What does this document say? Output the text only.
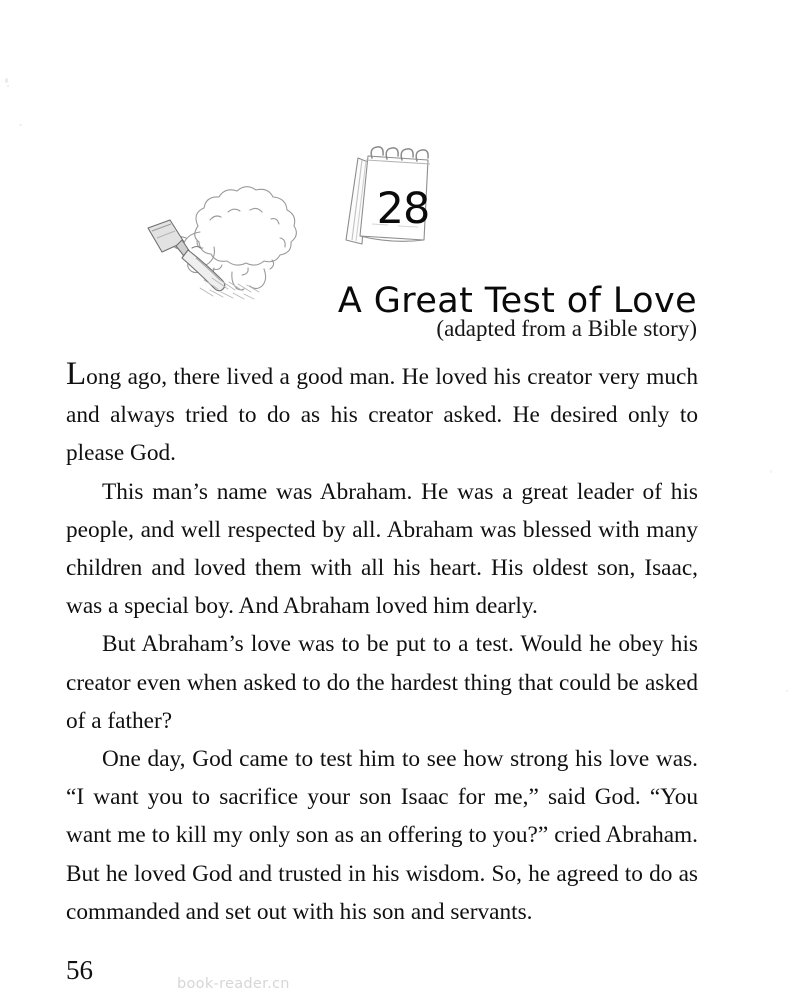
28
A Great Test of Love
(adapted from a Bible story)

Long ago, there lived a good man. He loved his creator very much and always tried to do as his creator asked. He desired only to please God.

This man’s name was Abraham. He was a great leader of his people, and well respected by all. Abraham was blessed with many children and loved them with all his heart. His oldest son, Isaac, was a special boy. And Abraham loved him dearly.

But Abraham’s love was to be put to a test. Would he obey his creator even when asked to do the hardest thing that could be asked of a father?

One day, God came to test him to see how strong his love was. “I want you to sacrifice your son Isaac for me,” said God. “You want me to kill my only son as an offering to you?” cried Abraham. But he loved God and trusted in his wisdom. So, he agreed to do as commanded and set out with his son and servants.

56	book-reader.cn
